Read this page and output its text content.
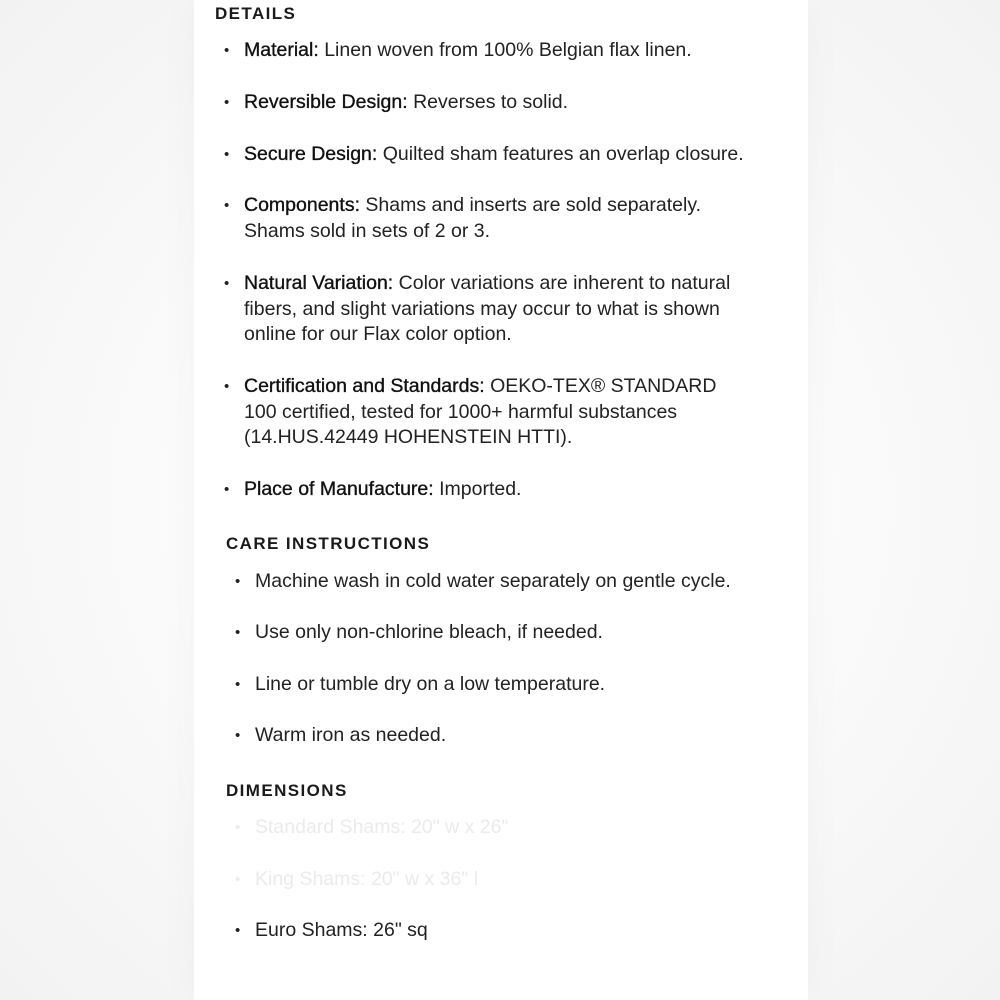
DETAILS
• Material: Linen woven from 100% Belgian flax linen.

• Reversible Design: Reverses to solid.

• Secure Design: Quilted sham features an overlap closure.

• Components: Shams and inserts are sold separately. Shams sold in sets of 2 or 3.

• Natural Variation: Color variations are inherent to natural fibers, and slight variations may occur to what is shown online for our Flax color option.

• Certification and Standards: OEKO-TEX® STANDARD 100 certified, tested for 1000+ harmful substances (14.HUS.42449 HOHENSTEIN HTTI).

• Place of Manufacture: Imported.

CARE INSTRUCTIONS
• Machine wash in cold water separately on gentle cycle.

• Use only non-chlorine bleach, if needed.

• Line or tumble dry on a low temperature.

• Warm iron as needed.

DIMENSIONS
• Standard Shams: 20" w x 26"

• King Shams: 20" w x 36" l

• Euro Shams: 26" sq
